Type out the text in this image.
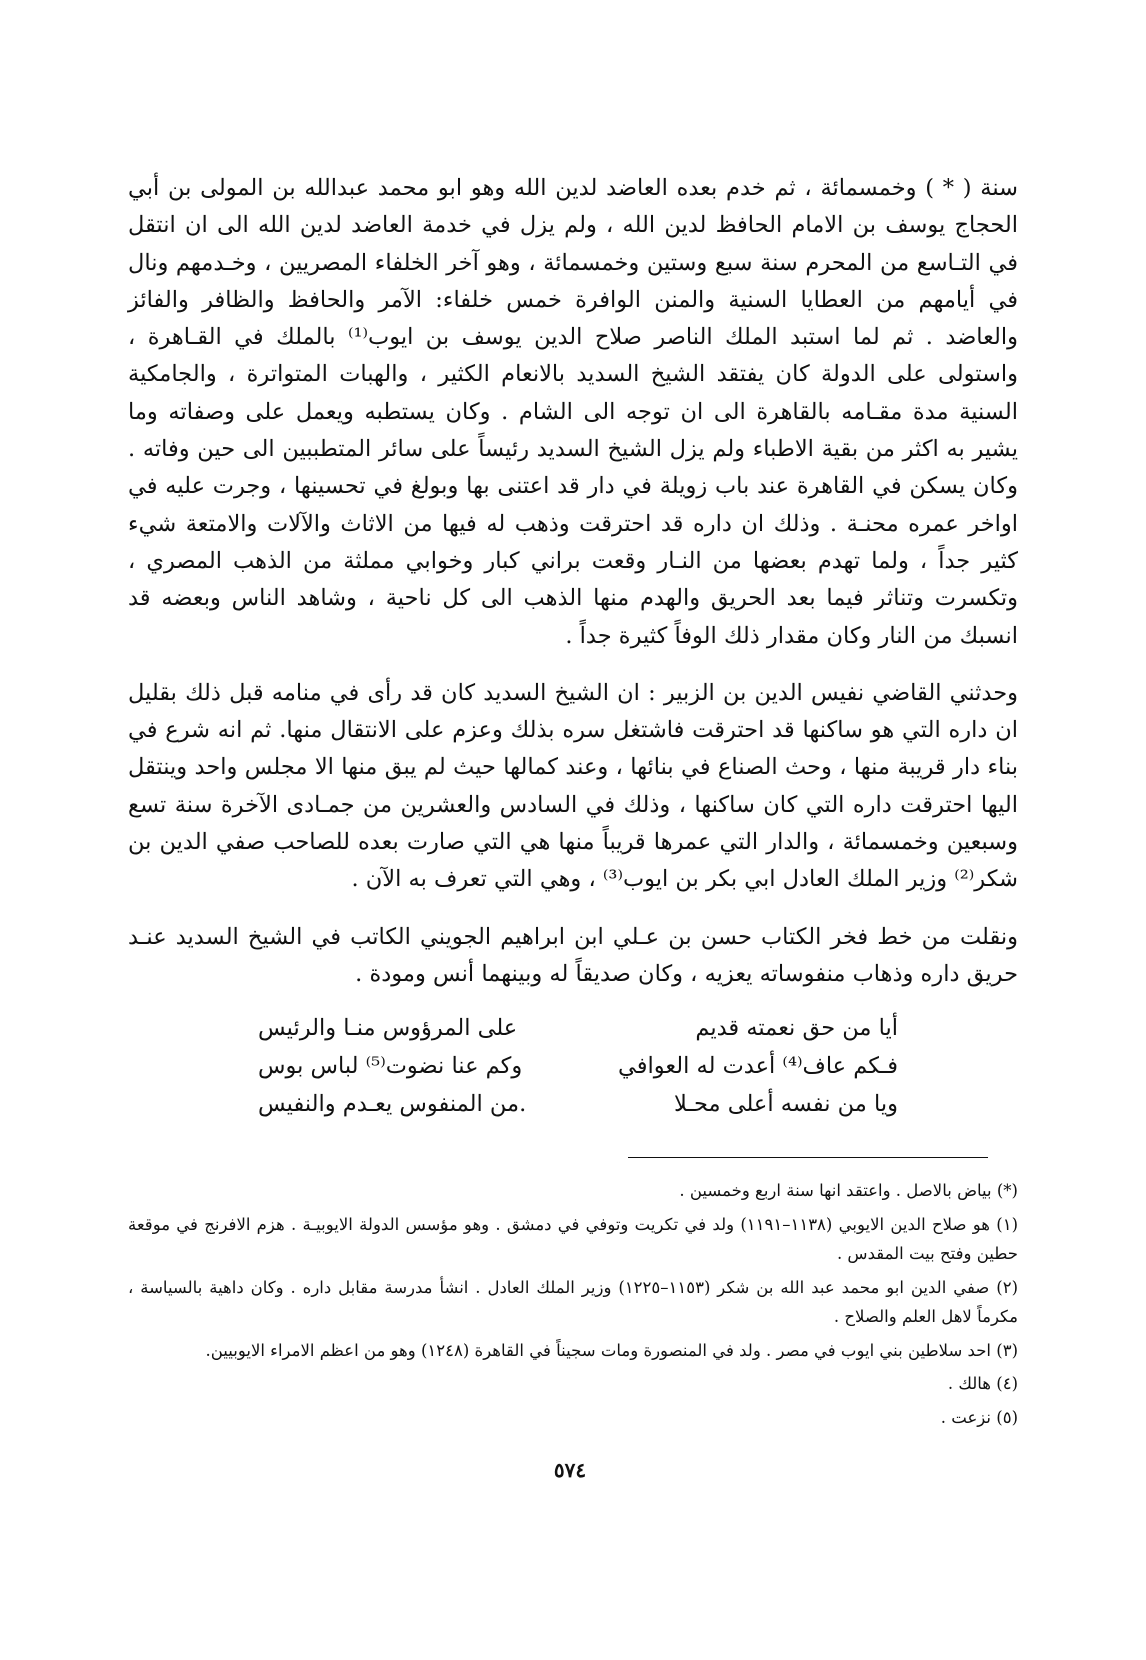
سنة ( * ) وخمسمائة ، ثم خدم بعده العاضد لدين الله وهو ابو محمد عبدالله بن المولى بن أبي الحجاج يوسف بن الامام الحافظ لدين الله ، ولم يزل في خدمة العاضد لدين الله الى ان انتقل في التـاسع من المحرم سنة سبع وستين وخمسمائة ، وهو آخر الخلفاء المصريين ، وخـدمهم ونال في أيامهم من العطايا السنية والمنن الوافرة خمس خلفاء: الآمر والحافظ والظافر والفائز والعاضد . ثم لما استبد الملك الناصر صلاح الدين يوسف بن ايوب⁽¹⁾ بالملك في القـاهرة ، واستولى على الدولة كان يفتقد الشيخ السديد بالانعام الكثير ، والهبات المتواترة ، والجامكية السنية مدة مقـامه بالقاهرة الى ان توجه الى الشام . وكان يستطبه ويعمل على وصفاته وما يشير به اكثر من بقية الاطباء ولم يزل الشيخ السديد رئيساً على سائر المتطببين الى حين وفاته . وكان يسكن في القاهرة عند باب زويلة في دار قد اعتنى بها وبولغ في تحسينها ، وجرت عليه في اواخر عمره محنـة . وذلك ان داره قد احترقت وذهب له فيها من الاثاث والآلات والامتعة شيء كثير جداً ، ولما تهدم بعضها من النـار وقعت براني كبار وخوابي مملثة من الذهب المصري ، وتكسرت وتناثر فيما بعد الحريق والهدم منها الذهب الى كل ناحية ، وشاهد الناس وبعضه قد انسبك من النار وكان مقدار ذلك الوفاً كثيرة جداً .

وحدثني القاضي نفيس الدين بن الزبير : ان الشيخ السديد كان قد رأى في منامه قبل ذلك بقليل ان داره التي هو ساكنها قد احترقت فاشتغل سره بذلك وعزم على الانتقال منها. ثم انه شرع في بناء دار قريبة منها ، وحث الصناع في بنائها ، وعند كمالها حيث لم يبق منها الا مجلس واحد وينتقل اليها احترقت داره التي كان ساكنها ، وذلك في السادس والعشرين من جمـادى الآخرة سنة تسع وسبعين وخمسمائة ، والدار التي عمرها قريباً منها هي التي صارت بعده للصاحب صفي الدين بن شكر⁽²⁾ وزير الملك العادل ابي بكر بن ايوب⁽³⁾ ، وهي التي تعرف به الآن .

ونقلت من خط فخر الكتاب حسن بن عـلي ابن ابراهيم الجويني الكاتب في الشيخ السديد عنـد حريق داره وذهاب منفوساته يعزيه ، وكان صديقاً له وبينهما أنس ومودة .

أيا من حق نعمته قديم
على المرؤوس منـا والرئيس
فـكم عاف⁽⁴⁾ أعدت له العوافي
وكم عنا نضوت⁽⁵⁾ لباس بوس
ويا من نفسه أعلى محـلا
.من المنفوس يعـدم والنفيس

(*) بياض بالاصل . واعتقد انها سنة اربع وخمسين .

(١) هو صلاح الدين الايوبي (١١٣٨–١١٩١) ولد في تكريت وتوفي في دمشق . وهو مؤسس الدولة الايوبيـة . هزم الافرنج في موقعة حطين وفتح بيت المقدس .

(٢) صفي الدين ابو محمد عبد الله بن شكر (١١٥٣–١٢٢٥) وزير الملك العادل . انشأ مدرسة مقابل داره . وكان داهية بالسياسة ، مكرماً لاهل العلم والصلاح .

(٣) احد سلاطين بني ايوب في مصر . ولد في المنصورة ومات سجيناً في القاهرة (١٢٤٨) وهو من اعظم الامراء الايوبيين.

(٤) هالك .

(٥) نزعت .

٥٧٤
